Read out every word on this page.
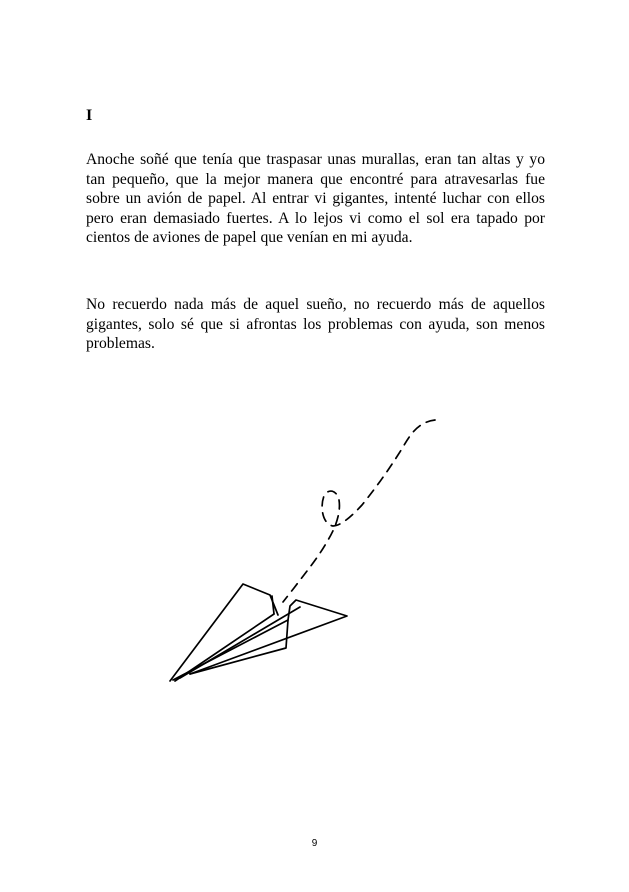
I

Anoche soñé que tenía que traspasar unas murallas, eran tan altas y yo tan pequeño, que la mejor manera que encontré para atravesarlas fue sobre un avión de papel. Al entrar vi gigantes, intenté luchar con ellos pero eran demasiado fuertes. A lo lejos vi como el sol era tapado por cientos de aviones de papel que venían en mi ayuda.

No recuerdo nada más de aquel sueño, no recuerdo más de aquellos gigantes, solo sé que si afrontas los problemas con ayuda, son menos problemas.

9
